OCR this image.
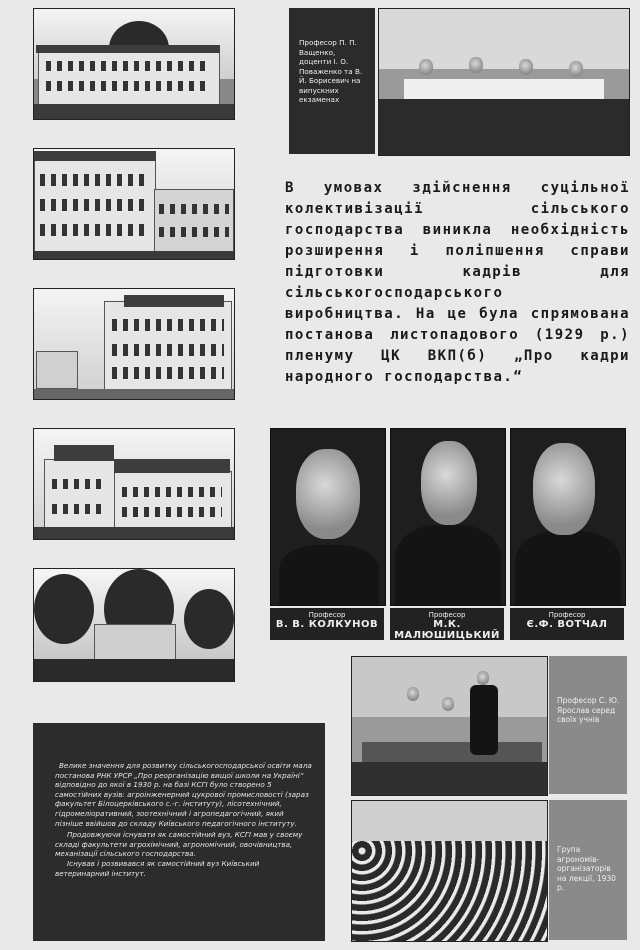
Професор П. П. Ващенко, доценти І. О. Поваженко та В. Й. Борисевич на випускних екзаменах
В умовах здійснення суцільної колективізації сільського господарства виникла необхідність розширення і поліпшення справи підготовки кадрів для сільськогосподарського виробництва. На це була спрямована постанова листопадового (1929 р.) пленуму ЦК ВКП(б) „Про кадри народного господарства.“
Професор
В. В. КОЛКУНОВ
Професор
М.К. МАЛЮШИЦЬКИЙ
Професор
Є.Ф. ВОТЧАЛ
Професор С. Ю. Ярослав серед своїх учнів
Група агрономів-організаторів на лекції, 1930 р.

Велике значення для розвитку сільськогосподарської освіти мала постанова РНК УРСР „Про реорганізацію вищої школи на Україні“ відповідно до якої в 1930 р. на базі КСГІ було створено 5 самостійних вузів: агроінженерний цукрової промисловості (зараз факультет Білоцерківського с.-г. інституту), лісотехнічний, гідромеліоративний, зоотехнічний і агропедагогічний, який пізніше ввійшов до складу Київського педагогічного інституту.

Продовжуючи існувати як самостійний вуз, КСГІ мав у своєму складі факультети агрохімічний, агрономічний, овочівництва, механізації сільського господарства.

Існував і розвивався як самостійний вуз Київський ветеринарний інститут.
